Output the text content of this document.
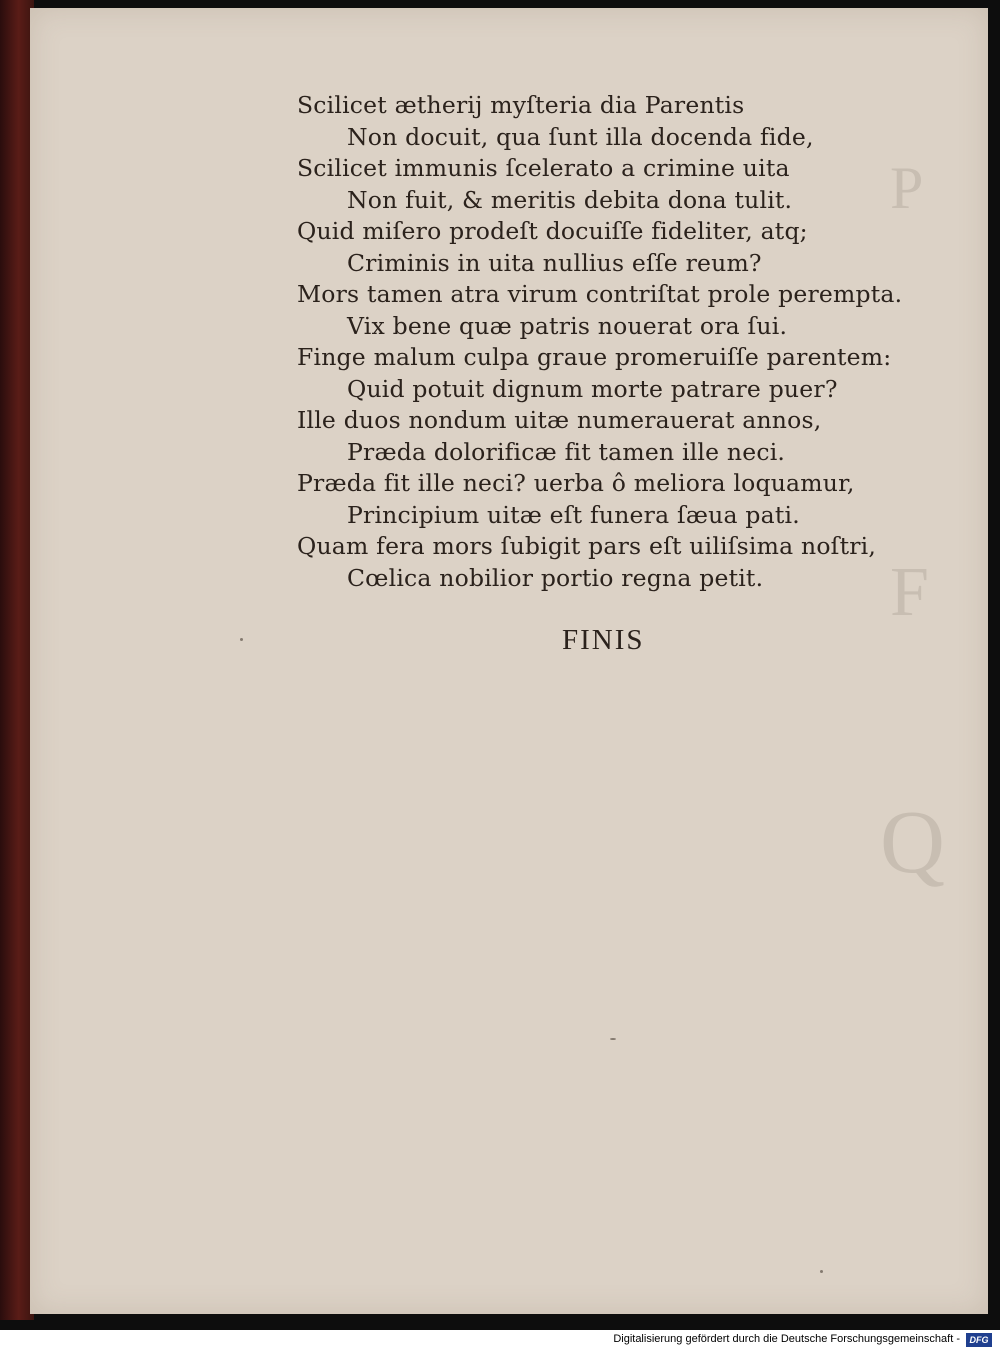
P
Q
F
Scilicet ætherij myſteria dia Parentis
Non docuit, qua ſunt illa docenda fide,
Scilicet immunis ſcelerato a crimine uita
Non fuit, & meritis debita dona tulit.
Quid miſero prodeſt docuiſſe fideliter, atq;
Criminis in uita nullius eſſe reum?
Mors tamen atra virum contriſtat prole perempta.
Vix bene quæ patris nouerat ora ſui.
Finge malum culpa graue promeruiſſe parentem:
Quid potuit dignum morte patrare puer?
Ille duos nondum uitæ numerauerat annos,
Præda dolorificæ fit tamen ille neci.
Præda fit ille neci? uerba ô meliora loquamur,
Principium uitæ eſt funera ſæua pati.
Quam fera mors ſubigit pars eſt uiliſsima noſtri,
Cœlica nobilior portio regna petit.
FINIS
Digitalisierung gefördert durch die Deutsche Forschungsgemeinschaft -	DFG
